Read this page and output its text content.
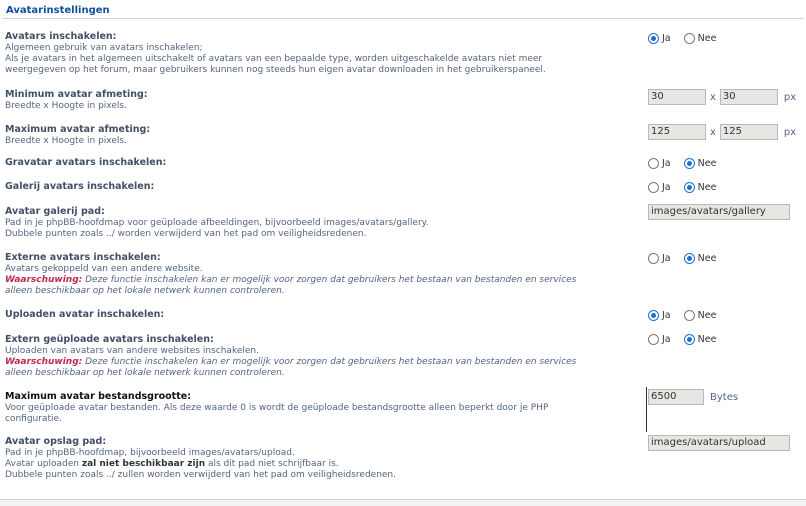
Avatarinstellingen
Avatars inschakelen:
Algemeen gebruik van avatars inschakelen;
Als je avatars in het algemeen uitschakelt of avatars van een bepaalde type, worden uitgeschakelde avatars niet meer
weergegeven op het forum, maar gebruikers kunnen nog steeds hun eigen avatar downloaden in het gebruikerspaneel.
Ja	Nee
Minimum avatar afmeting:
Breedte x Hoogte in pixels.
30	x 30	px
Maximum avatar afmeting:
Breedte x Hoogte in pixels.
125	x 125	px
Gravatar avatars inschakelen:	Ja	Nee
Galerij avatars inschakelen:	Ja	Nee
Avatar galerij pad:
Pad in je phpBB-hoofdmap voor geüploade afbeeldingen, bijvoorbeeld images/avatars/gallery.
Dubbele punten zoals ../ worden verwijderd van het pad om veiligheidsredenen.
images/avatars/gallery
Externe avatars inschakelen:
Avatars gekoppeld van een andere website.
Waarschuwing: Deze functie inschakelen kan er mogelijk voor zorgen dat gebruikers het bestaan van bestanden en services
alleen beschikbaar op het lokale netwerk kunnen controleren.
Ja	Nee
Uploaden avatar inschakelen:	Ja	Nee
Extern geüploade avatars inschakelen:
Uploaden van avatars van andere websites inschakelen.
Waarschuwing: Deze functie inschakelen kan er mogelijk voor zorgen dat gebruikers het bestaan van bestanden en services
alleen beschikbaar op het lokale netwerk kunnen controleren.
Ja	Nee
Maximum avatar bestandsgrootte:
Voor geüploade avatar bestanden. Als deze waarde 0 is wordt de geüploade bestandsgrootte alleen beperkt door je PHP
configuratie.
6500	Bytes
Avatar opslag pad:
Pad in je phpBB-hoofdmap, bijvoorbeeld images/avatars/upload.
Avatar uploaden zal niet beschikbaar zijn als dit pad niet schrijfbaar is.
Dubbele punten zoals ../ zullen worden verwijderd van het pad om veiligheidsredenen.
images/avatars/upload
